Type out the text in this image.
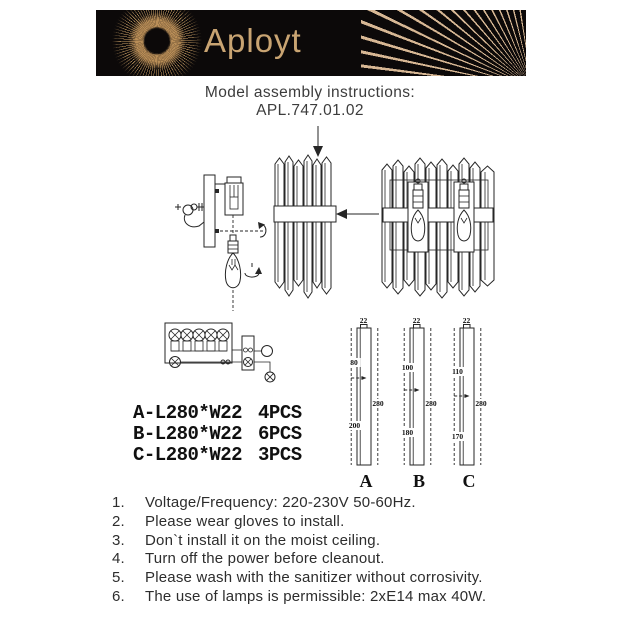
Aployt
Model assembly instructions:
APL.747.01.02
A-L280*W22 4PCS
B-L280*W22 6PCS
C-L280*W22 3PCS
22
80
200
280
A
22
100
180
280
B
22
110
170
280
C
1.	Voltage/Frequency: 220-230V 50-60Hz.
2.	Please wear gloves to install.
3.	Don`t install it on the moist ceiling.
4.	Turn off the power before cleanout.
5.	Please wash with the sanitizer without corrosivity.
6.	The use of lamps is permissible: 2xE14 max 40W.
